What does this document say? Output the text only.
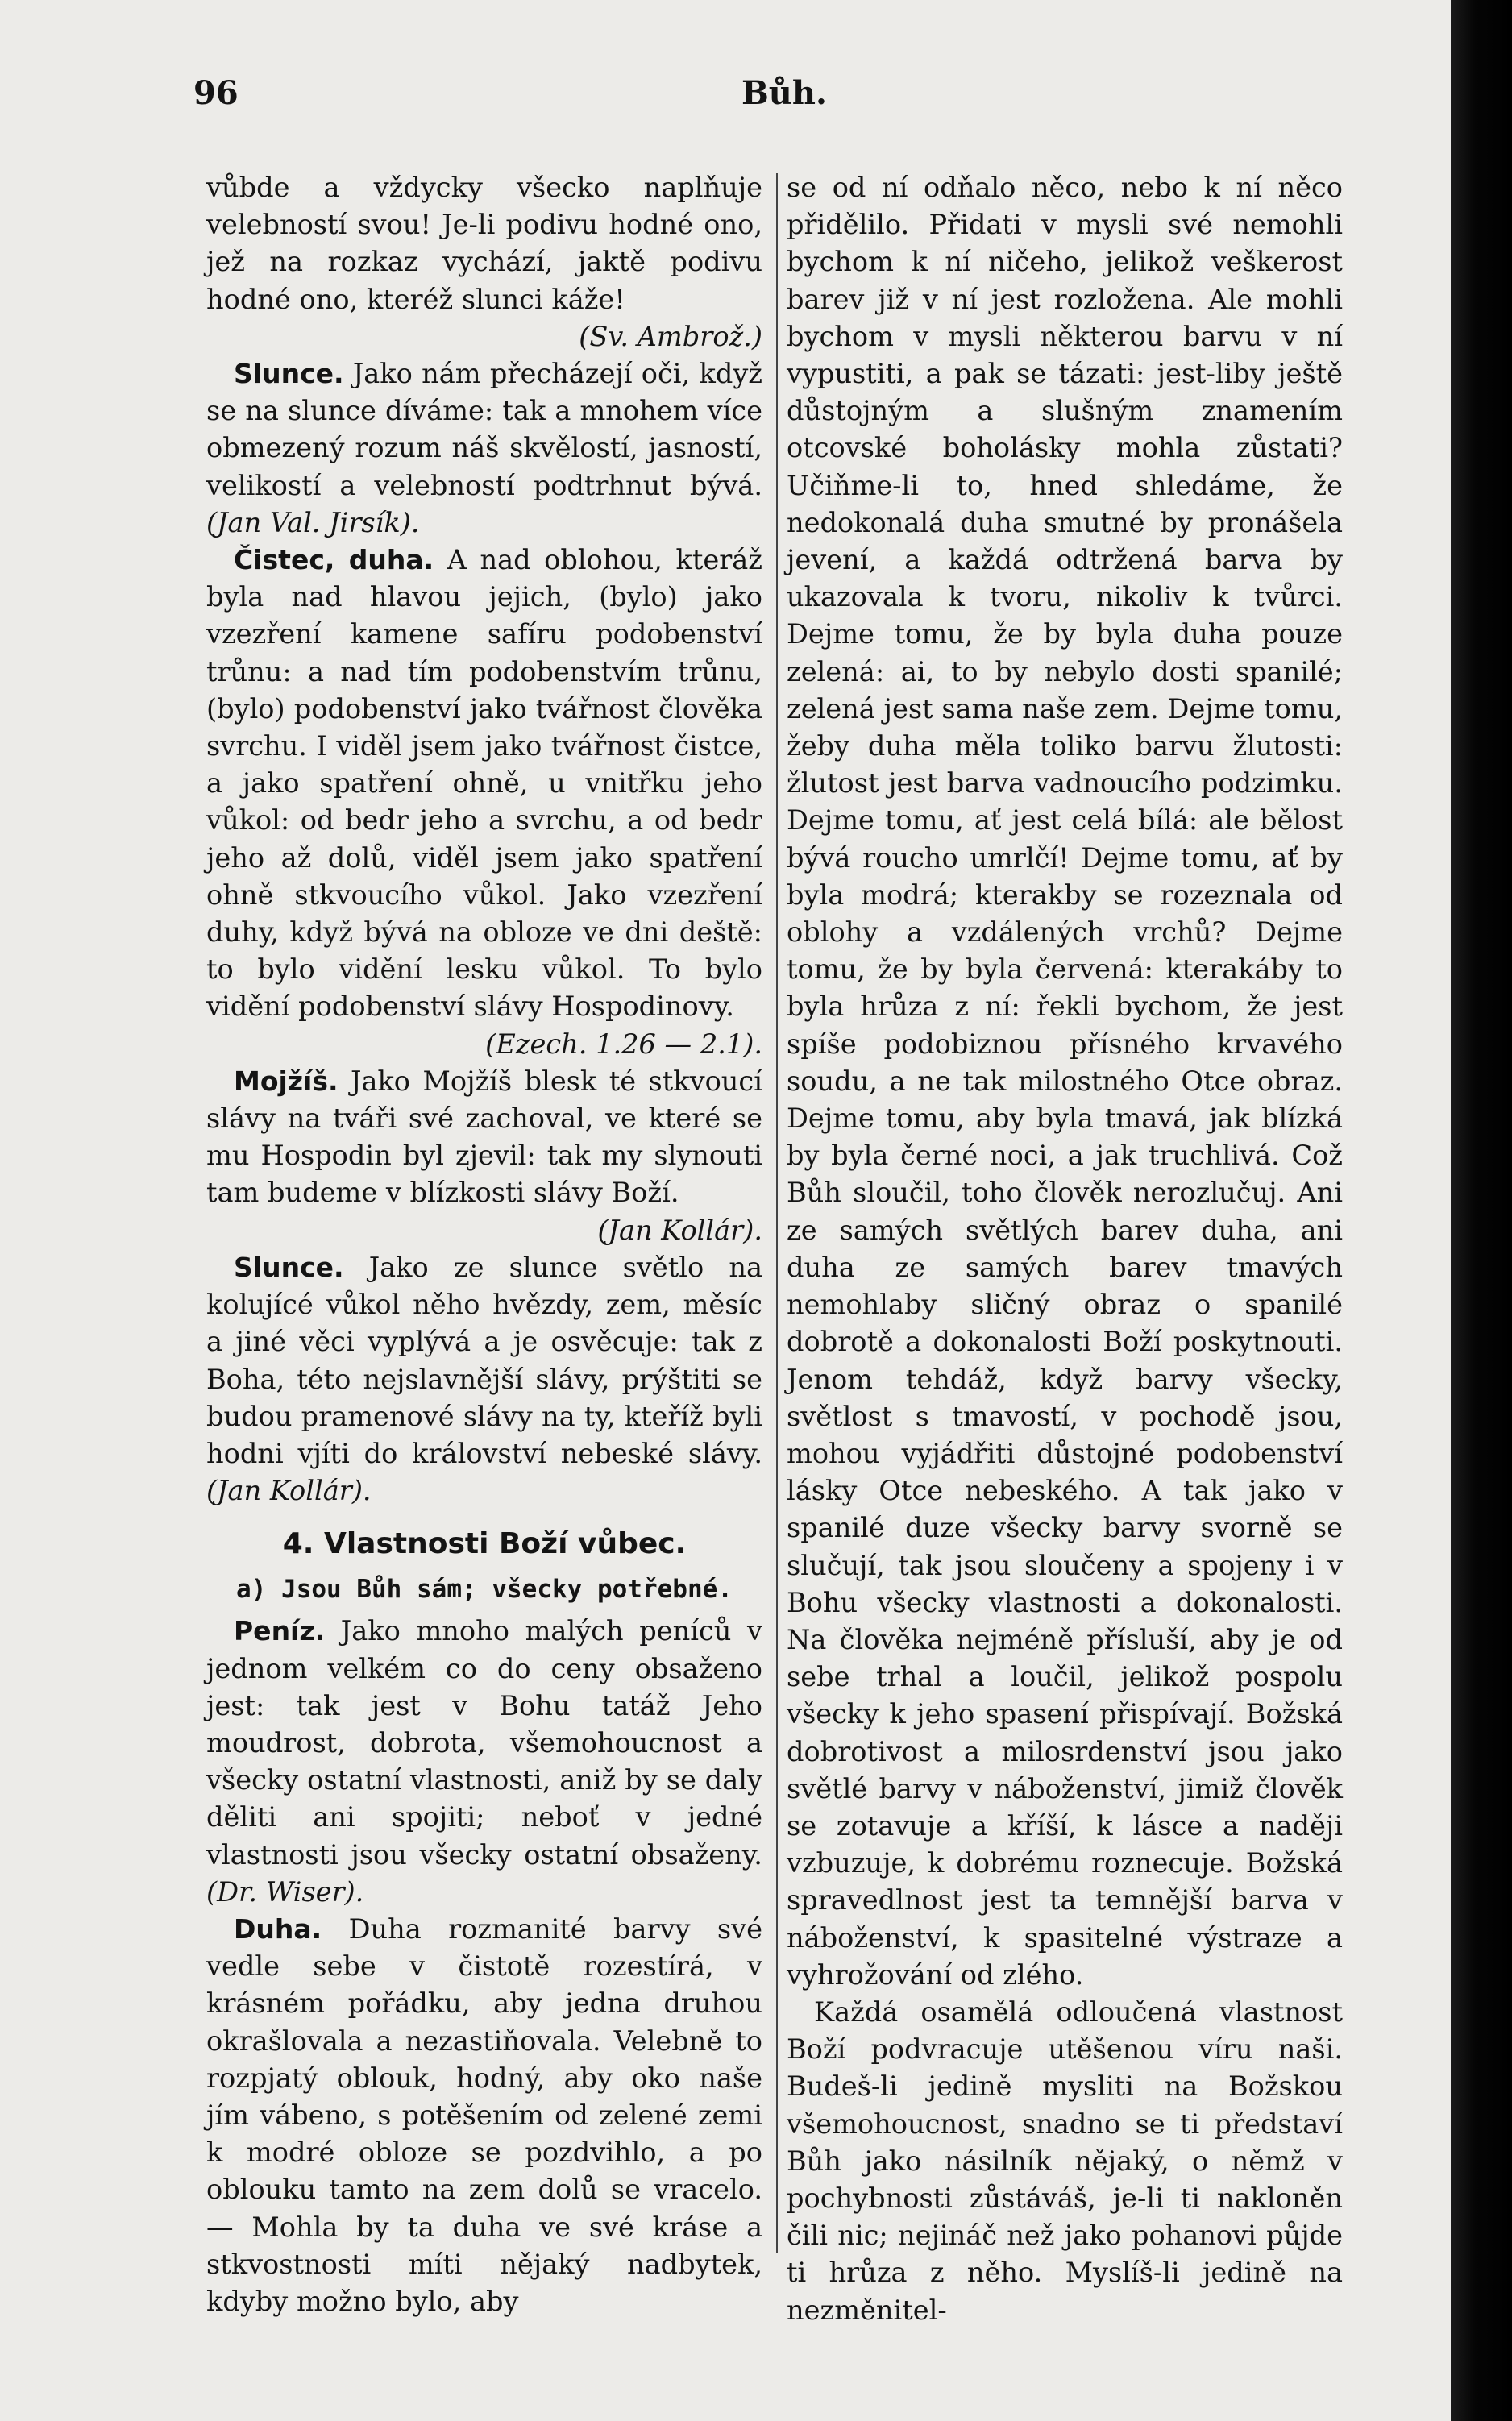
96	Bůh.

vůbde a vždycky všecko naplňuje velebností svou! Je-li podivu hodné ono, jež na rozkaz vychází, jaktě podivu hodné ono, kteréž slunci káže!

(Sv. Ambrož.)

Slunce. Jako nám přecházejí oči, když se na slunce díváme: tak a mnohem více obmezený rozum náš skvělostí, jasností, velikostí a velebností podtrhnut bývá. (Jan Val. Jirsík).

Čistec, duha. A nad oblohou, kteráž byla nad hlavou jejich, (bylo) jako vzezření kamene safíru podobenství trůnu: a nad tím podobenstvím trůnu, (bylo) podobenství jako tvářnost člověka svrchu. I viděl jsem jako tvářnost čistce, a jako spatření ohně, u vnitřku jeho vůkol: od bedr jeho a svrchu, a od bedr jeho až dolů, viděl jsem jako spatření ohně stkvoucího vůkol. Jako vzezření duhy, když bývá na obloze ve dni deště: to bylo vidění lesku vůkol. To bylo vidění podobenství slávy Hospodinovy.

(Ezech. 1.26 — 2.1).

Mojžíš. Jako Mojžíš blesk té stkvoucí slávy na tváři své zachoval, ve které se mu Hospodin byl zjevil: tak my slynouti tam budeme v blízkosti slávy Boží.

(Jan Kollár).

Slunce. Jako ze slunce světlo na kolujícé vůkol něho hvězdy, zem, měsíc a jiné věci vyplývá a je osvěcuje: tak z Boha, této nejslavnější slávy, prýštiti se budou pramenové slávy na ty, kteříž byli hodni vjíti do království nebeské slávy. (Jan Kollár).

4. Vlastnosti Boží vůbec.
a) Jsou Bůh sám; všecky potřebné.

Peníz. Jako mnoho malých peníců v jednom velkém co do ceny obsaženo jest: tak jest v Bohu tatáž Jeho moudrost, dobrota, všemohoucnost a všecky ostatní vlastnosti, aniž by se daly děliti ani spojiti; neboť v jedné vlastnosti jsou všecky ostatní obsaženy. (Dr. Wiser).

Duha. Duha rozmanité barvy své vedle sebe v čistotě rozestírá, v krásném pořádku, aby jedna druhou okrašlovala a nezastiňovala. Velebně to rozpjatý oblouk, hodný, aby oko naše jím vábeno, s potěšením od zelené zemi k modré obloze se pozdvihlo, a po oblouku tamto na zem dolů se vracelo. — Mohla by ta duha ve své kráse a stkvostnosti míti nějaký nadbytek, kdyby možno bylo, aby

se od ní odňalo něco, nebo k ní něco přidělilo. Přidati v mysli své nemohli bychom k ní ničeho, jelikož veškerost barev již v ní jest rozložena. Ale mohli bychom v mysli některou barvu v ní vypustiti, a pak se tázati: jest-liby ještě důstojným a slušným znamením otcovské boholásky mohla zůstati? Učiňme-li to, hned shledáme, že nedokonalá duha smutné by pronášela jevení, a každá odtržená barva by ukazovala k tvoru, nikoliv k tvůrci. Dejme tomu, že by byla duha pouze zelená: ai, to by nebylo dosti spanilé; zelená jest sama naše zem. Dejme tomu, žeby duha měla toliko barvu žlutosti: žlutost jest barva vadnoucího podzimku. Dejme tomu, ať jest celá bílá: ale bělost bývá roucho umrlčí! Dejme tomu, ať by byla modrá; kterakby se rozeznala od oblohy a vzdálených vrchů? Dejme tomu, že by byla červená: kterakáby to byla hrůza z ní: řekli bychom, že jest spíše podobiznou přísného krvavého soudu, a ne tak milostného Otce obraz. Dejme tomu, aby byla tmavá, jak blízká by byla černé noci, a jak truchlivá. Což Bůh sloučil, toho člověk nerozlučuj. Ani ze samých světlých barev duha, ani duha ze samých barev tmavých nemohlaby sličný obraz o spanilé dobrotě a dokonalosti Boží poskytnouti. Jenom tehdáž, když barvy všecky, světlost s tmavostí, v pochodě jsou, mohou vyjádřiti důstojné podobenství lásky Otce nebeského. A tak jako v spanilé duze všecky barvy svorně se slučují, tak jsou sloučeny a spojeny i v Bohu všecky vlastnosti a dokonalosti. Na člověka nejméně přísluší, aby je od sebe trhal a loučil, jelikož pospolu všecky k jeho spasení přispívají. Božská dobrotivost a milosrdenství jsou jako světlé barvy v náboženství, jimiž člověk se zotavuje a kříší, k lásce a naději vzbuzuje, k dobrému roznecuje. Božská spravedlnost jest ta temnější barva v náboženství, k spasitelné výstraze a vyhrožování od zlého.

Každá osamělá odloučená vlastnost Boží podvracuje utěšenou víru naši. Budeš-li jedině mysliti na Božskou všemohoucnost, snadno se ti představí Bůh jako násilník nějaký, o němž v pochybnosti zůstáváš, je-li ti nakloněn čili nic; nejináč než jako pohanovi půjde ti hrůza z něho. Myslíš-li jedině na nezměnitel-
